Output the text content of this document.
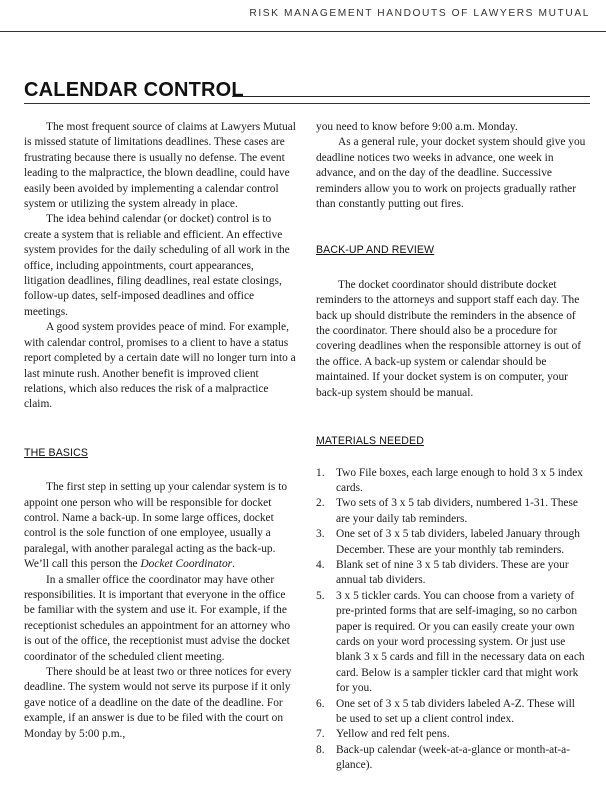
RISK MANAGEMENT HANDOUTS OF LAWYERS MUTUAL
CALENDAR CONTROL

The most frequent source of claims at Lawyers Mutual is missed statute of limitations deadlines. These cases are frustrating because there is usually no defense. The event leading to the malpractice, the blown deadline, could have easily been avoided by implementing a calendar control system or utilizing the system already in place.

The idea behind calendar (or docket) control is to create a system that is reliable and efficient. An effective system provides for the daily scheduling of all work in the office, including appointments, court appearances, litigation deadlines, filing deadlines, real estate closings, follow-up dates, self-imposed deadlines and office meetings.

A good system provides peace of mind. For example, with calendar control, promises to a client to have a status report completed by a certain date will no longer turn into a last minute rush. Another benefit is improved client relations, which also reduces the risk of a malpractice claim.

THE BASICS

The first step in setting up your calendar system is to appoint one person who will be responsible for docket control. Name a back-up. In some large offices, docket control is the sole function of one employee, usually a paralegal, with another paralegal acting as the back-up. We’ll call this person the Docket Coordinator.

In a smaller office the coordinator may have other responsibilities. It is important that everyone in the office be familiar with the system and use it. For example, if the receptionist schedules an appointment for an attorney who is out of the office, the receptionist must advise the docket coordinator of the scheduled client meeting.

There should be at least two or three notices for every deadline. The system would not serve its purpose if it only gave notice of a deadline on the date of the deadline. For example, if an answer is due to be filed with the court on Monday by 5:00 p.m.,

you need to know before 9:00 a.m. Monday.

As a general rule, your docket system should give you deadline notices two weeks in advance, one week in advance, and on the day of the deadline. Successive reminders allow you to work on projects gradually rather than constantly putting out fires.

BACK-UP AND REVIEW

The docket coordinator should distribute docket reminders to the attorneys and support staff each day. The back up should distribute the reminders in the absence of the coordinator. There should also be a procedure for covering deadlines when the responsible attorney is out of the office. A back-up system or calendar should be maintained. If your docket system is on computer, your back-up system should be manual.

MATERIALS NEEDED
1.	Two File boxes, each large enough to hold 3 x 5 index cards.
2.	Two sets of 3 x 5 tab dividers, numbered 1-31. These are your daily tab reminders.
3.	One set of 3 x 5 tab dividers, labeled January through December. These are your monthly tab reminders.
4.	Blank set of nine 3 x 5 tab dividers. These are your annual tab dividers.
5.	3 x 5 tickler cards. You can choose from a variety of pre-printed forms that are self-imaging, so no carbon paper is required. Or you can easily create your own cards on your word processing system. Or just use blank 3 x 5 cards and fill in the necessary data on each card. Below is a sampler tickler card that might work for you.
6.	One set of 3 x 5 tab dividers labeled A-Z. These will be used to set up a client control index.
7.	Yellow and red felt pens.
8.	Back-up calendar (week-at-a-glance or month-at-a-glance).
